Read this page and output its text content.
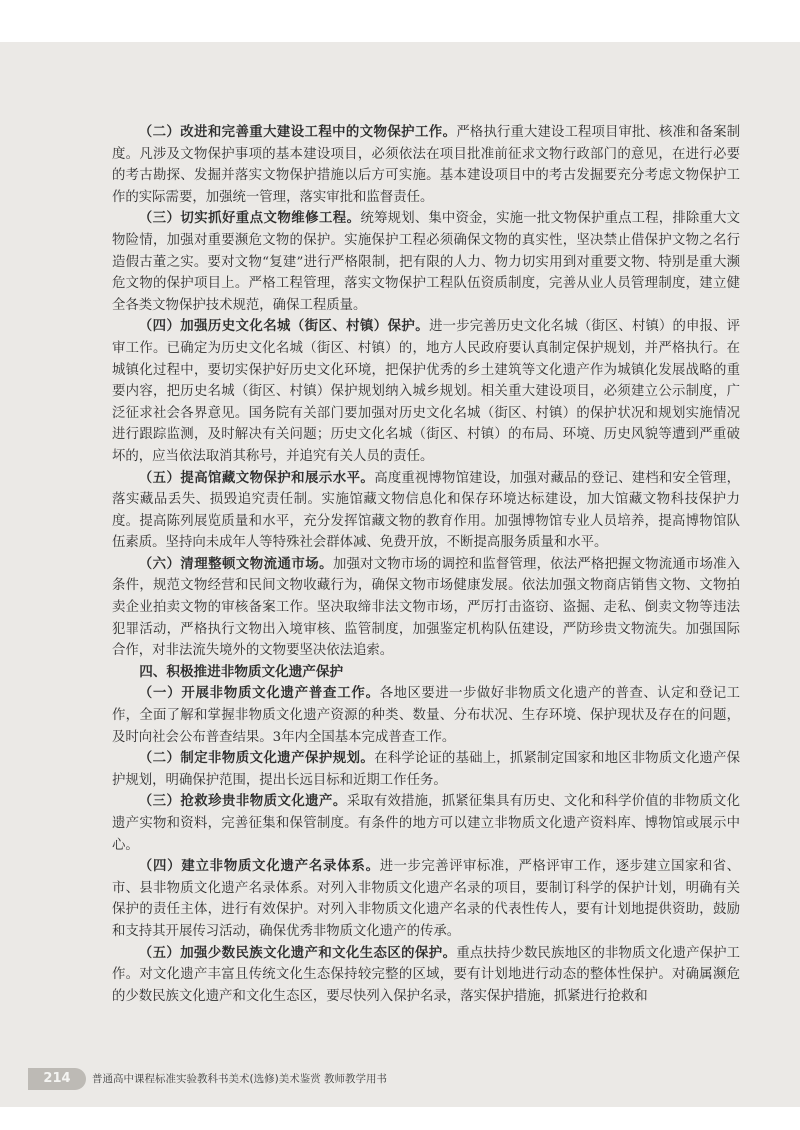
（二）改进和完善重大建设工程中的文物保护工作。严格执行重大建设工程项目审批、核准和备案制度。凡涉及文物保护事项的基本建设项目，必须依法在项目批准前征求文物行政部门的意见，在进行必要的考古勘探、发掘并落实文物保护措施以后方可实施。基本建设项目中的考古发掘要充分考虑文物保护工作的实际需要，加强统一管理，落实审批和监督责任。

（三）切实抓好重点文物维修工程。统筹规划、集中资金，实施一批文物保护重点工程，排除重大文物险情，加强对重要濒危文物的保护。实施保护工程必须确保文物的真实性，坚决禁止借保护文物之名行造假古董之实。要对文物“复建”进行严格限制，把有限的人力、物力切实用到对重要文物、特别是重大濒危文物的保护项目上。严格工程管理，落实文物保护工程队伍资质制度，完善从业人员管理制度，建立健全各类文物保护技术规范，确保工程质量。

（四）加强历史文化名城（街区、村镇）保护。进一步完善历史文化名城（街区、村镇）的申报、评审工作。已确定为历史文化名城（街区、村镇）的，地方人民政府要认真制定保护规划，并严格执行。在城镇化过程中，要切实保护好历史文化环境，把保护优秀的乡土建筑等文化遗产作为城镇化发展战略的重要内容，把历史名城（街区、村镇）保护规划纳入城乡规划。相关重大建设项目，必须建立公示制度，广泛征求社会各界意见。国务院有关部门要加强对历史文化名城（街区、村镇）的保护状况和规划实施情况进行跟踪监测，及时解决有关问题；历史文化名城（街区、村镇）的布局、环境、历史风貌等遭到严重破坏的，应当依法取消其称号，并追究有关人员的责任。

（五）提高馆藏文物保护和展示水平。高度重视博物馆建设，加强对藏品的登记、建档和安全管理，落实藏品丢失、损毁追究责任制。实施馆藏文物信息化和保存环境达标建设，加大馆藏文物科技保护力度。提高陈列展览质量和水平，充分发挥馆藏文物的教育作用。加强博物馆专业人员培养，提高博物馆队伍素质。坚持向未成年人等特殊社会群体减、免费开放，不断提高服务质量和水平。

（六）清理整顿文物流通市场。加强对文物市场的调控和监督管理，依法严格把握文物流通市场准入条件，规范文物经营和民间文物收藏行为，确保文物市场健康发展。依法加强文物商店销售文物、文物拍卖企业拍卖文物的审核备案工作。坚决取缔非法文物市场，严厉打击盗窃、盗掘、走私、倒卖文物等违法犯罪活动，严格执行文物出入境审核、监管制度，加强鉴定机构队伍建设，严防珍贵文物流失。加强国际合作，对非法流失境外的文物要坚决依法追索。

四、积极推进非物质文化遗产保护

（一）开展非物质文化遗产普查工作。各地区要进一步做好非物质文化遗产的普查、认定和登记工作，全面了解和掌握非物质文化遗产资源的种类、数量、分布状况、生存环境、保护现状及存在的问题，及时向社会公布普查结果。3年内全国基本完成普查工作。

（二）制定非物质文化遗产保护规划。在科学论证的基础上，抓紧制定国家和地区非物质文化遗产保护规划，明确保护范围，提出长远目标和近期工作任务。

（三）抢救珍贵非物质文化遗产。采取有效措施，抓紧征集具有历史、文化和科学价值的非物质文化遗产实物和资料，完善征集和保管制度。有条件的地方可以建立非物质文化遗产资料库、博物馆或展示中心。

（四）建立非物质文化遗产名录体系。进一步完善评审标准，严格评审工作，逐步建立国家和省、市、县非物质文化遗产名录体系。对列入非物质文化遗产名录的项目，要制订科学的保护计划，明确有关保护的责任主体，进行有效保护。对列入非物质文化遗产名录的代表性传人，要有计划地提供资助，鼓励和支持其开展传习活动，确保优秀非物质文化遗产的传承。

（五）加强少数民族文化遗产和文化生态区的保护。重点扶持少数民族地区的非物质文化遗产保护工作。对文化遗产丰富且传统文化生态保持较完整的区域，要有计划地进行动态的整体性保护。对确属濒危的少数民族文化遗产和文化生态区，要尽快列入保护名录，落实保护措施，抓紧进行抢救和

214	普通高中课程标准实验教科书美术(选修)美术鉴赏 教师教学用书
